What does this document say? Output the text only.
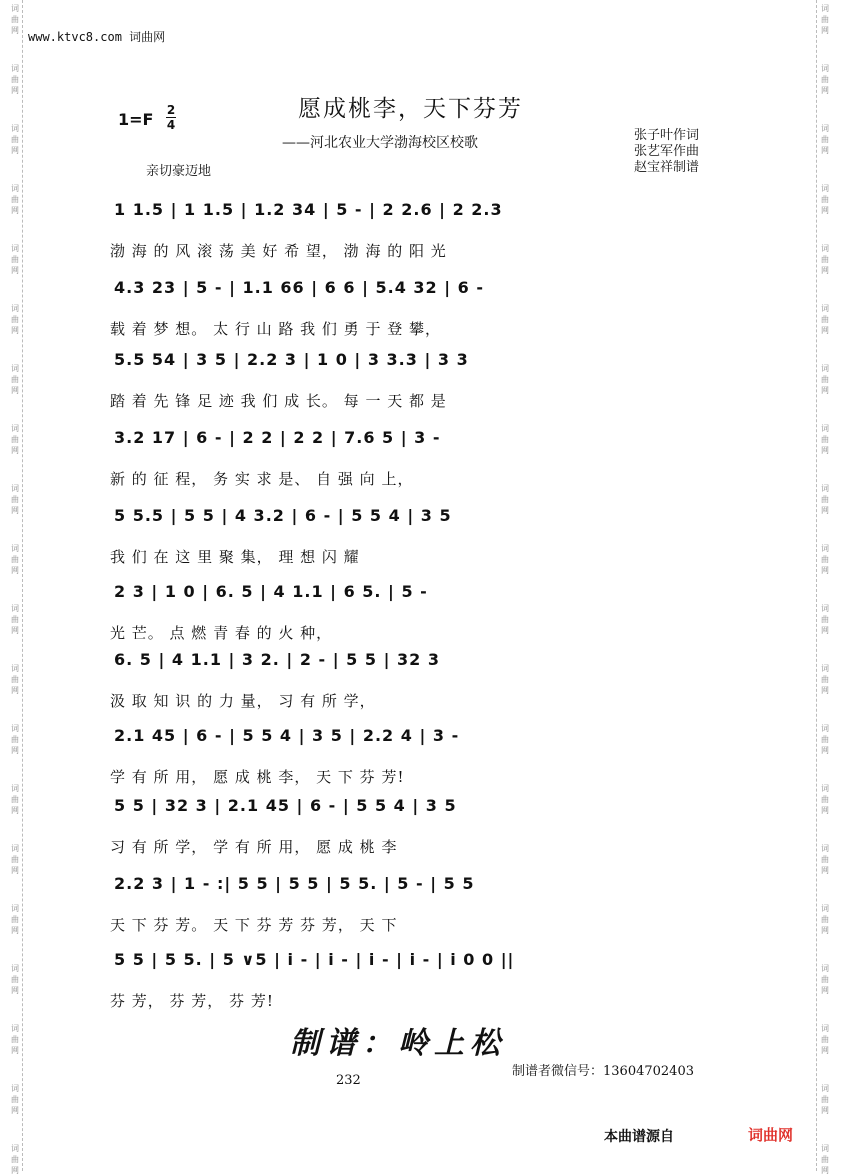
词
曲
网
词
曲
网
词
曲
网
词
曲
网
词
曲
网
词
曲
网
词
曲
网
词
曲
网
词
曲
网
词
曲
网
词
曲
网
词
曲
网
词
曲
网
词
曲
网
词
曲
网
词
曲
网
词
曲
网
词
曲
网
词
曲
网
词
曲
网
词
曲
网
词
曲
网
词
曲
网
词
曲
网
词
曲
网
词
曲
网
词
曲
网
词
曲
网
词
曲
网
词
曲
网
词
曲
网
词
曲
网
词
曲
网
词
曲
网
词
曲
网
词
曲
网
词
曲
网
词
曲
网
词
曲
网
词
曲
网
www.ktvc8.com 词曲网
1=F 2
4
愿成桃李，天下芬芳
——河北农业大学渤海校区校歌	张子叶作词
张艺军作曲
赵宝祥制谱
亲切豪迈地
1 1.5 | 1 1.5 | 1.2 34 | 5 - | 2 2.6 | 2 2.3
渤 海 的 风 滚 荡 美 好 希 望， 渤 海 的 阳 光
4.3 23 | 5 - | 1.1 66 | 6 6 | 5.4 32 | 6 -
载 着 梦 想。 太 行 山 路 我 们 勇 于 登 攀，
5.5 54 | 3 5 | 2.2 3 | 1 0 | 3 3.3 | 3 3
踏 着 先 锋 足 迹 我 们 成 长。 每 一 天 都 是
3.2 17 | 6 - | 2 2 | 2 2 | 7.6 5 | 3 -
新 的 征 程， 务 实 求 是、 自 强 向 上，
5 5.5 | 5 5 | 4 3.2 | 6 - | 5 5 4 | 3 5
我 们 在 这 里 聚 集， 理 想 闪 耀
2 3 | 1 0 | 6. 5 | 4 1.1 | 6 5. | 5 -
光 芒。 点 燃 青 春 的 火 种，
6. 5 | 4 1.1 | 3 2. | 2 - | 5 5 | 32 3
汲 取 知 识 的 力 量， 习 有 所 学，
2.1 45 | 6 - | 5 5 4 | 3 5 | 2.2 4 | 3 -
学 有 所 用， 愿 成 桃 李， 天 下 芬 芳!
5 5 | 32 3 | 2.1 45 | 6 - | 5 5 4 | 3 5
习 有 所 学， 学 有 所 用， 愿 成 桃 李
2.2 3 | 1 - :| 5 5 | 5 5 | 5 5. | 5 - | 5 5
天 下 芬 芳。 天 下 芬 芳 芬 芳， 天 下
5 5 | 5 5. | 5 ∨5 | i - | i - | i - | i - | i 0 0 ||
芬 芳， 芬 芳， 芬 芳!
制谱：岭上松
制谱者微信号：13604702403
232
本曲谱源自	词曲网
